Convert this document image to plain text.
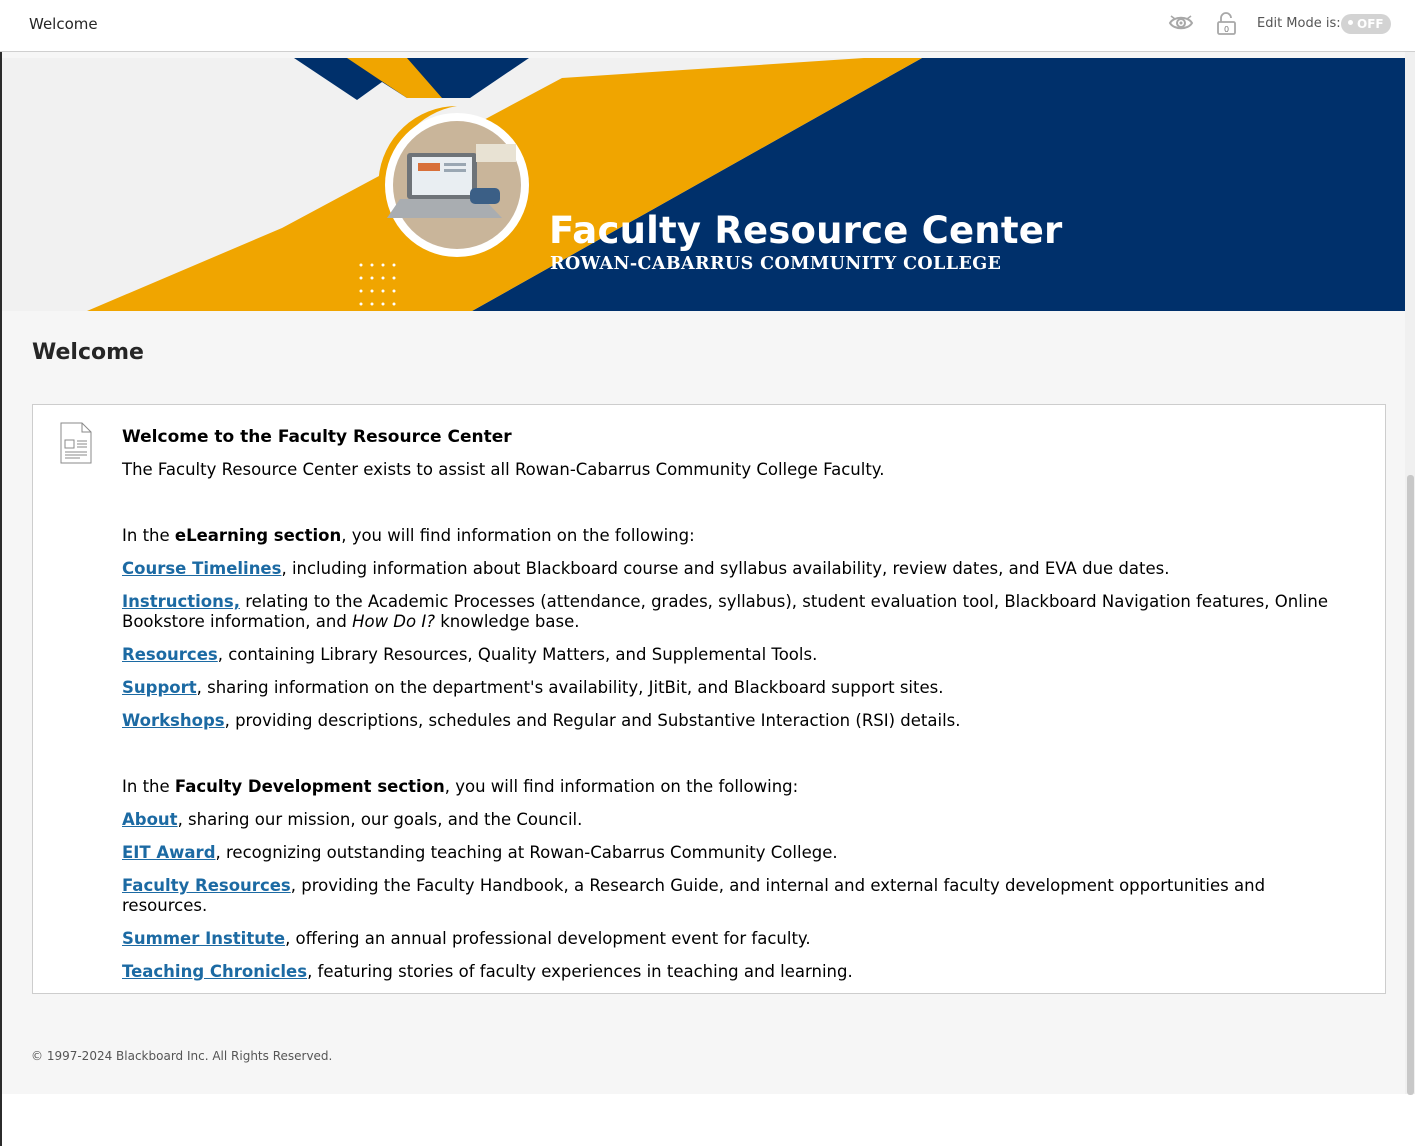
Welcome	0 Edit Mode is: OFF
Faculty Resource Center
ROWAN-CABARRUS COMMUNITY COLLEGE
Welcome
Welcome to the Faculty Resource Center

The Faculty Resource Center exists to assist all Rowan-Cabarrus Community College Faculty.

In the eLearning section, you will find information on the following:

Course Timelines, including information about Blackboard course and syllabus availability, review dates, and EVA due dates.

Instructions, relating to the Academic Processes (attendance, grades, syllabus), student evaluation tool, Blackboard Navigation features, Online Bookstore information, and How Do I? knowledge base.

Resources, containing Library Resources, Quality Matters, and Supplemental Tools.

Support, sharing information on the department's availability, JitBit, and Blackboard support sites.

Workshops, providing descriptions, schedules and Regular and Substantive Interaction (RSI) details.

In the Faculty Development section, you will find information on the following:

About, sharing our mission, our goals, and the Council.

EIT Award, recognizing outstanding teaching at Rowan-Cabarrus Community College.

Faculty Resources, providing the Faculty Handbook, a Research Guide, and internal and external faculty development opportunities and resources.

Summer Institute, offering an annual professional development event for faculty.

Teaching Chronicles, featuring stories of faculty experiences in teaching and learning.

© 1997-2024 Blackboard Inc. All Rights Reserved.
